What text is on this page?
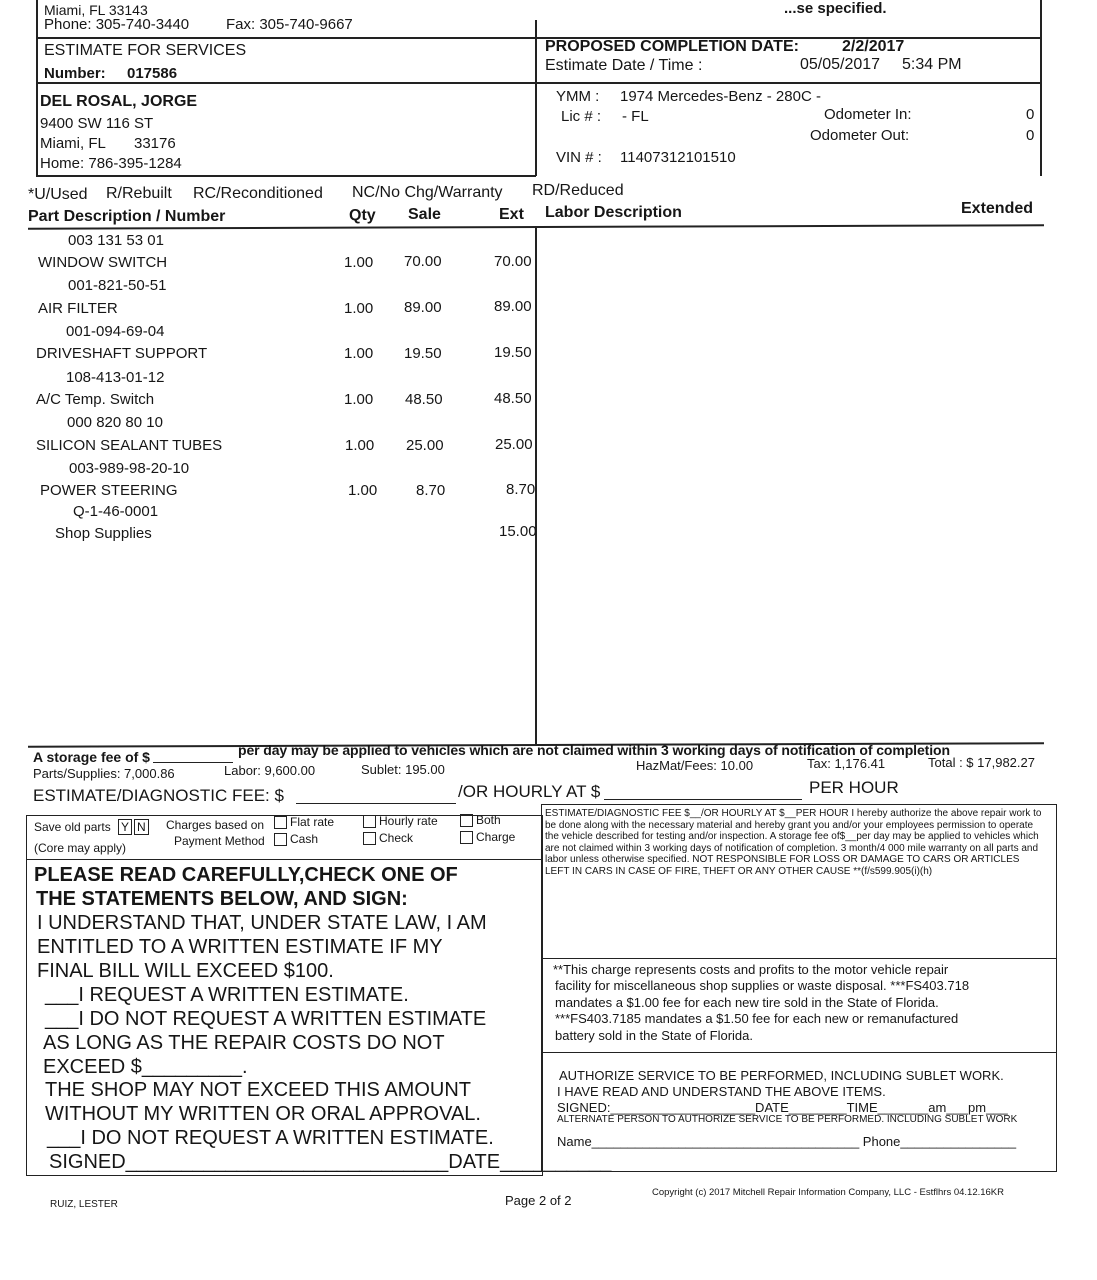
Miami, FL 33143
Phone: 305-740-3440 Fax: 305-740-9667
...se specified.
ESTIMATE FOR SERVICES
Number: 017586
PROPOSED COMPLETION DATE:	2/2/2017
Estimate Date / Time :	05/05/2017 5:34 PM
DEL ROSAL, JORGE
9400 SW 116 ST
Miami, FL 33176
Home: 786-395-1284
YMM : 1974 Mercedes-Benz - 280C -
Lic # : - FL	Odometer In:	0
Odometer Out:	0
VIN # : 11407312101510
*U/Used R/Rebuilt RC/Reconditioned NC/No Chg/Warranty RD/Reduced
Part Description / Number	Qty Sale	Ext Labor Description	Extended
003 131 53 01
WINDOW SWITCH	1.00 70.00	70.00
001-821-50-51
AIR FILTER	1.00 89.00	89.00
001-094-69-04
DRIVESHAFT SUPPORT	1.00 19.50	19.50
108-413-01-12
A/C Temp. Switch	1.00 48.50	48.50
000 820 80 10
SILICON SEALANT TUBES	1.00 25.00	25.00
003-989-98-20-10
POWER STEERING	1.00	8.70	8.70
Q-1-46-0001
Shop Supplies	15.00
A storage fee of $	per day may be applied to vehicles which are not claimed within 3 working days of notification of completion
Parts/Supplies: 7,000.86	Labor: 9,600.00	Sublet: 195.00	HazMat/Fees: 10.00	Tax: 1,176.41	Total : $ 17,982.27
ESTIMATE/DIAGNOSTIC FEE: $	/OR HOURLY AT $	PER HOUR
Save old parts Y N
(Core may apply)
Charges based on
Payment Method
Flat rate
Cash
Hourly rate
Check
Both
Charge
PLEASE READ CAREFULLY,CHECK ONE OF
THE STATEMENTS BELOW, AND SIGN:
I UNDERSTAND THAT, UNDER STATE LAW, I AM
ENTITLED TO A WRITTEN ESTIMATE IF MY
FINAL BILL WILL EXCEED $100.
___I REQUEST A WRITTEN ESTIMATE.
___I DO NOT REQUEST A WRITTEN ESTIMATE
AS LONG AS THE REPAIR COSTS DO NOT
EXCEED $_________.
THE SHOP MAY NOT EXCEED THIS AMOUNT
WITHOUT MY WRITTEN OR ORAL APPROVAL.
___I DO NOT REQUEST A WRITTEN ESTIMATE.
SIGNED_____________________________DATE__________
ESTIMATE/DIAGNOSTIC FEE $__/OR HOURLY AT $__PER HOUR I hereby authorize the above repair work to be done along with the necessary material and hereby grant you and/or your employees permission to operate the vehicle described for testing and/or inspection. A storage fee of$__per day may be applied to vehicles which are not claimed within 3 working days of notification of completion. 3 month/4 000 mile warranty on all parts and labor unless otherwise specified. NOT RESPONSIBLE FOR LOSS OR DAMAGE TO CARS OR ARTICLES LEFT IN CARS IN CASE OF FIRE, THEFT OR ANY OTHER CAUSE **(f/s599.905(i)(h)
**This charge represents costs and profits to the motor vehicle repair
facility for miscellaneous shop supplies or waste disposal. ***FS403.718
mandates a $1.00 fee for each new tire sold in the State of Florida.
***FS403.7185 mandates a $1.50 fee for each new or remanufactured
battery sold in the State of Florida.
AUTHORIZE SERVICE TO BE PERFORMED, INCLUDING SUBLET WORK.
I HAVE READ AND UNDERSTAND THE ABOVE ITEMS.
SIGNED:____________________DATE________TIME_______am___pm___
ALTERNATE PERSON TO AUTHORIZE SERVICE TO BE PERFORMED. INCLUDING SUBLET WORK
Name_____________________________________ Phone________________
RUIZ, LESTER	Page 2 of 2
Copyright (c) 2017 Mitchell Repair Information Company, LLC - Estflhrs 04.12.16KR
